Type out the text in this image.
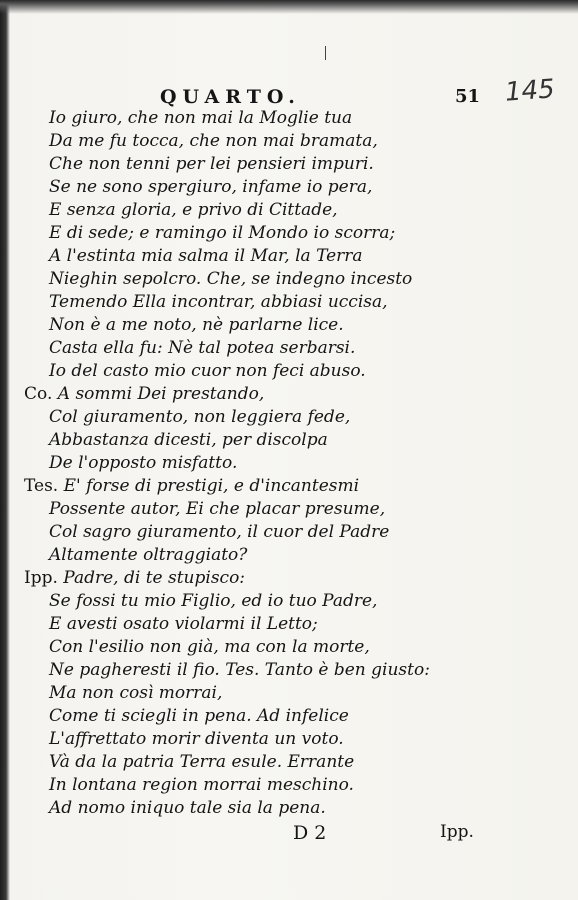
QUARTO.	51 145
Io giuro, che non mai la Moglie tua
Da me fu tocca, che non mai bramata,
Che non tenni per lei pensieri impuri.
Se ne sono spergiuro, infame io pera,
E senza gloria, e privo di Cittade,
E di sede; e ramingo il Mondo io scorra;
A l'estinta mia salma il Mar, la Terra
Nieghin sepolcro. Che, se indegno incesto
Temendo Ella incontrar, abbiasi uccisa,
Non è a me noto, nè parlarne lice.
Casta ella fu: Nè tal potea serbarsi.
Io del casto mio cuor non feci abuso.
Co. A sommi Dei prestando,
Col giuramento, non leggiera fede,
Abbastanza dicesti, per discolpa
De l'opposto misfatto.
Tes. E' forse di prestigi, e d'incantesmi
Possente autor, Ei che placar presume,
Col sagro giuramento, il cuor del Padre
Altamente oltraggiato?
Ipp. Padre, di te stupisco:
Se fossi tu mio Figlio, ed io tuo Padre,
E avesti osato violarmi il Letto;
Con l'esilio non già, ma con la morte,
Ne pagheresti il fio. Tes. Tanto è ben giusto:
Ma non così morrai,
Come ti sciegli in pena. Ad infelice
L'affrettato morir diventa un voto.
Và da la patria Terra esule. Errante
In lontana region morrai meschino.
Ad nomo iniquo tale sia la pena.
D 2	Ipp.
